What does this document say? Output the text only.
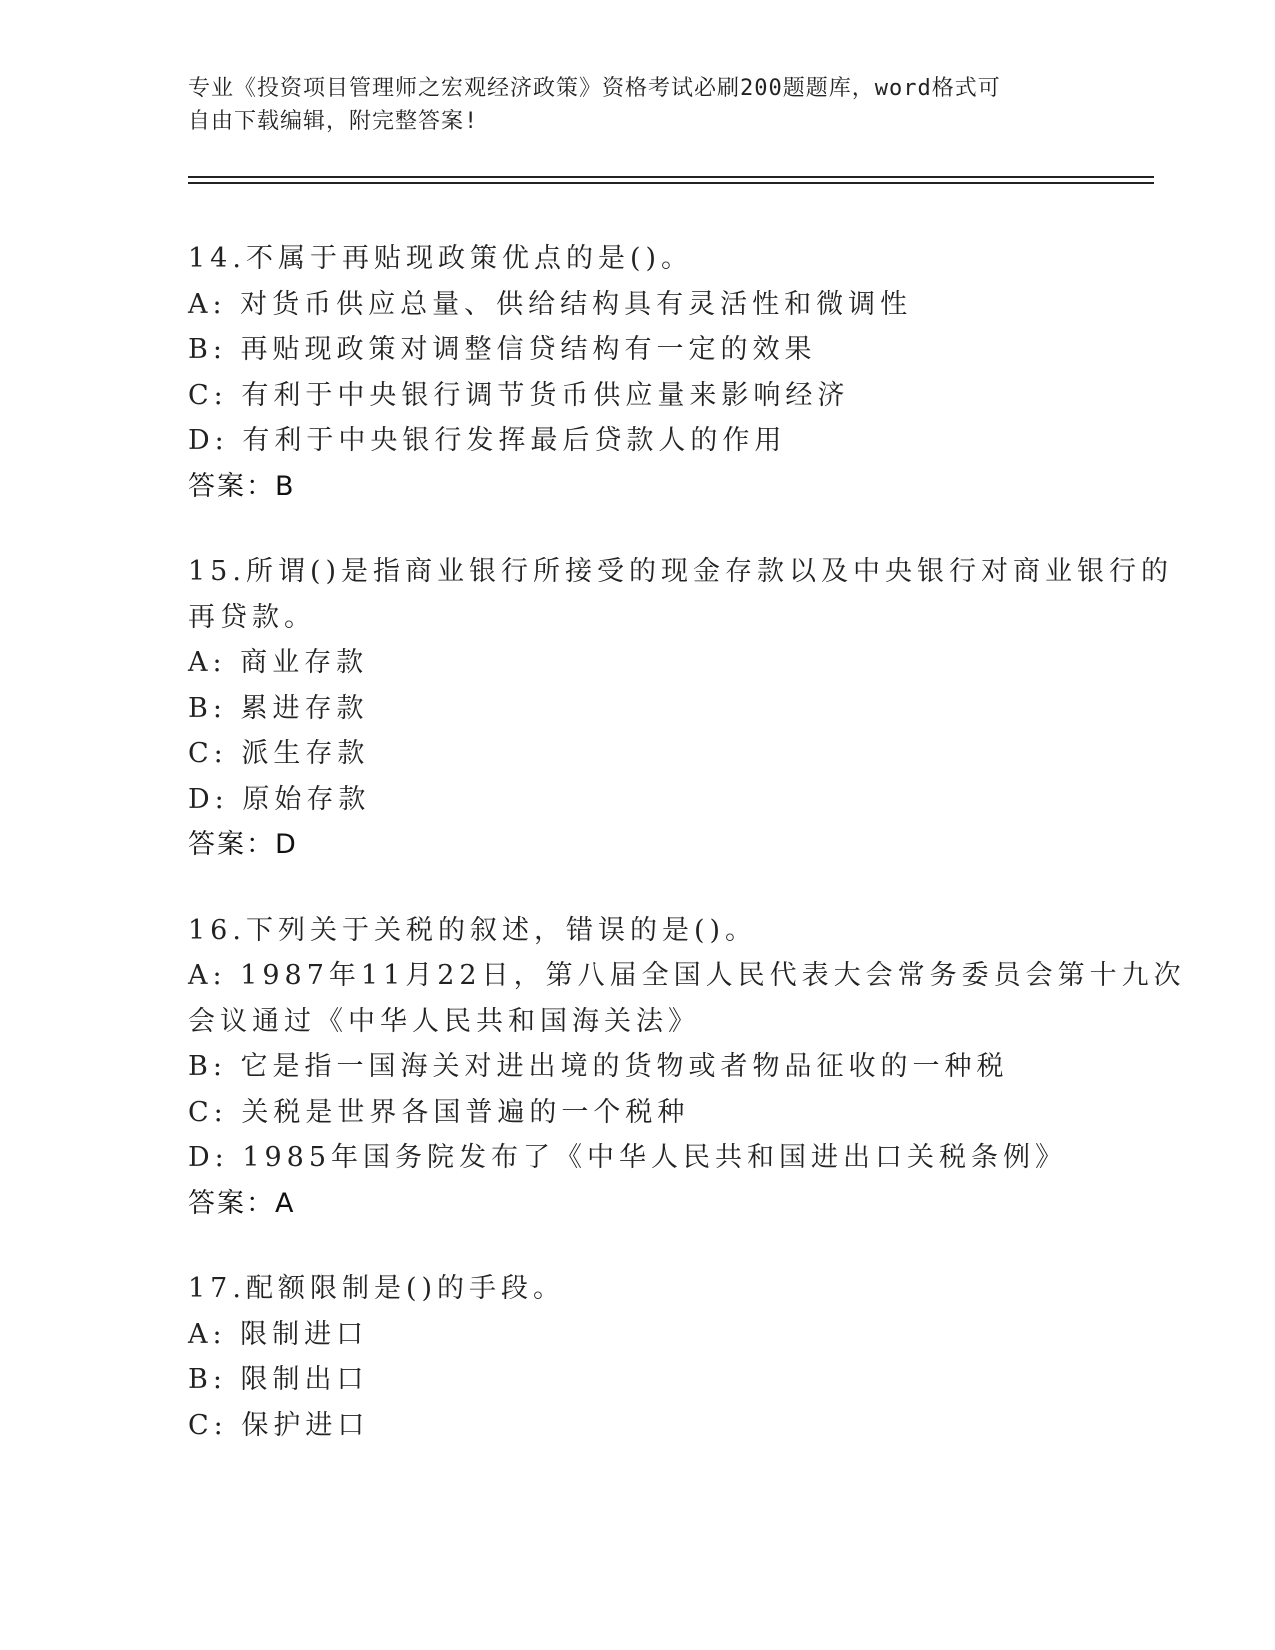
专业《投资项目管理师之宏观经济政策》资格考试必刷200题题库，word格式可
自由下载编辑，附完整答案!
14.不属于再贴现政策优点的是()。
A: 对货币供应总量、供给结构具有灵活性和微调性
B: 再贴现政策对调整信贷结构有一定的效果
C: 有利于中央银行调节货币供应量来影响经济
D: 有利于中央银行发挥最后贷款人的作用
答案：B
15.所谓()是指商业银行所接受的现金存款以及中央银行对商业银行的
再贷款。
A: 商业存款
B: 累进存款
C: 派生存款
D: 原始存款
答案：D
16.下列关于关税的叙述，错误的是()。
A: 1987年11月22日，第八届全国人民代表大会常务委员会第十九次
会议通过《中华人民共和国海关法》
B: 它是指一国海关对进出境的货物或者物品征收的一种税
C: 关税是世界各国普遍的一个税种
D: 1985年国务院发布了《中华人民共和国进出口关税条例》
答案：A
17.配额限制是()的手段。
A: 限制进口
B: 限制出口
C: 保护进口
